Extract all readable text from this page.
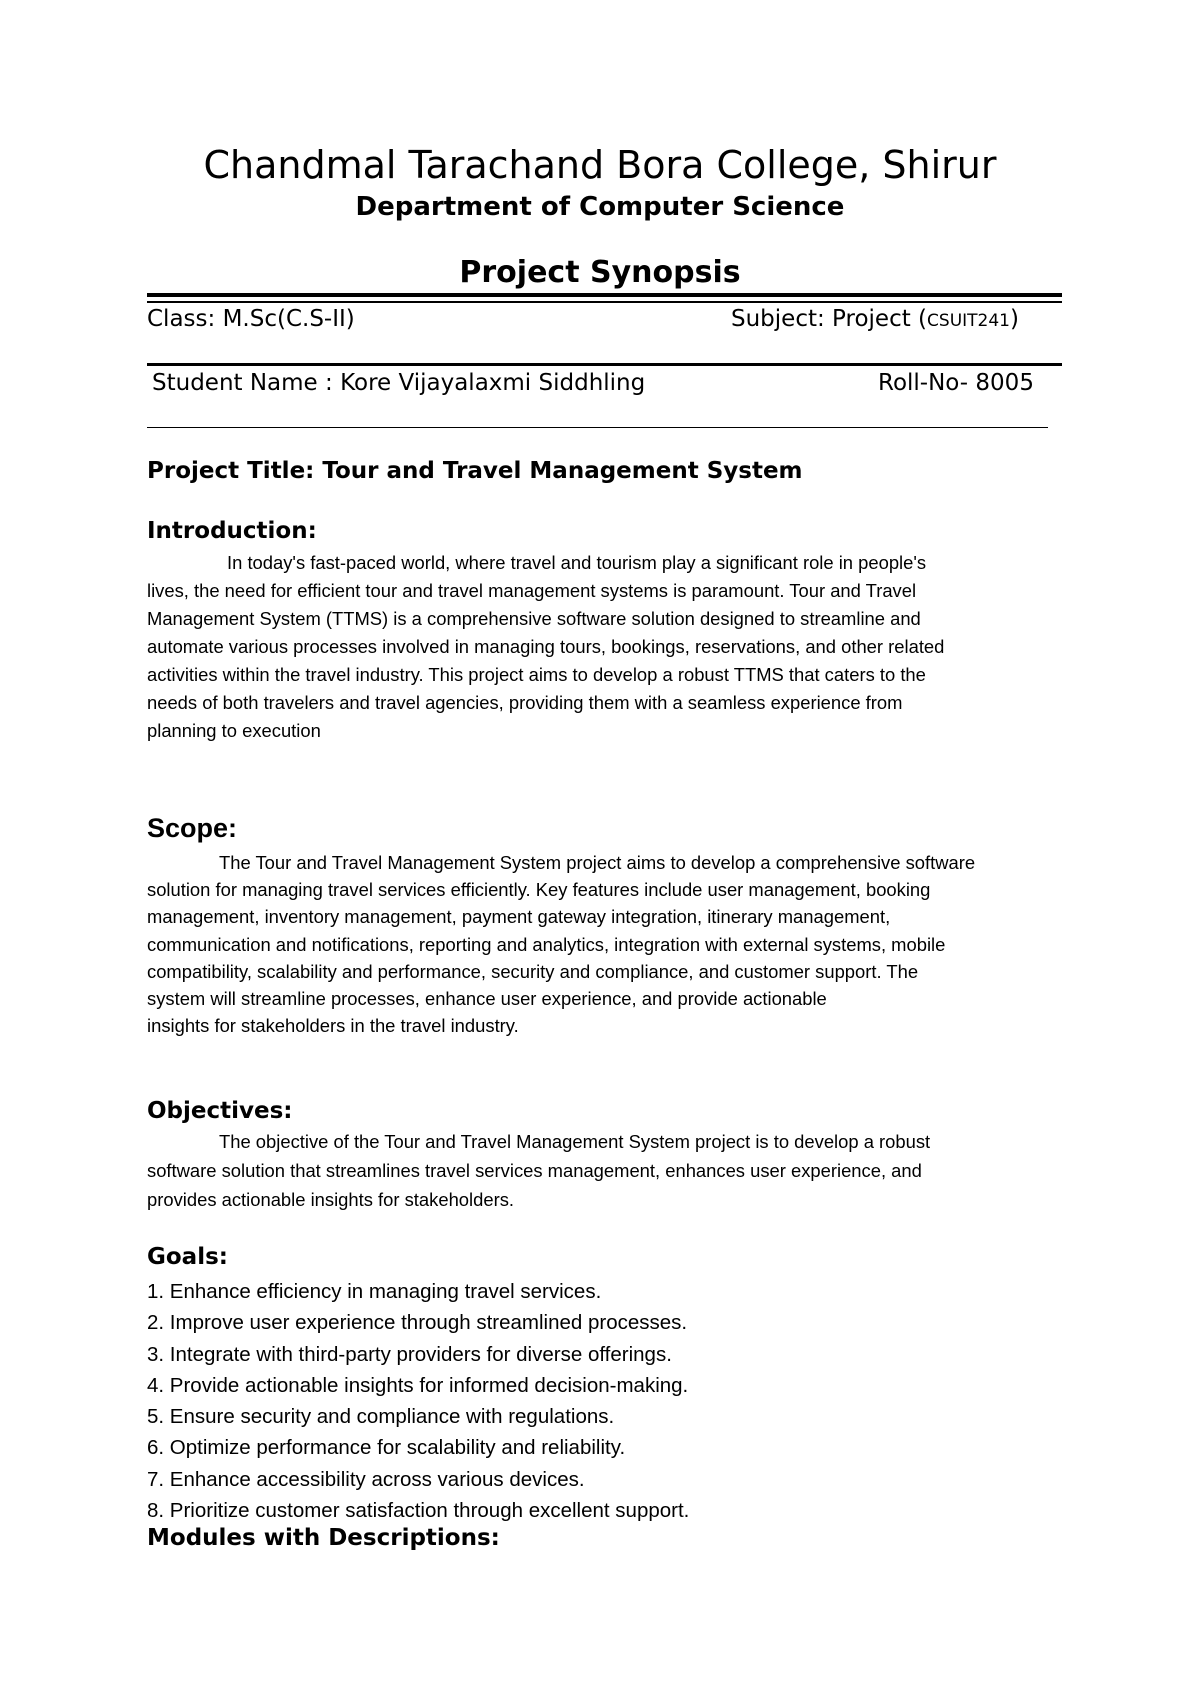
Chandmal Tarachand Bora College, Shirur
Department of Computer Science
Project Synopsis
Class: M.Sc(C.S-II)	Subject: Project (CSUIT241)
Student Name : Kore Vijayalaxmi Siddhling	Roll-No- 8005
Project Title: Tour and Travel Management System
Introduction:
In today's fast-paced world, where travel and tourism play a significant role in people's
lives, the need for efficient tour and travel management systems is paramount. Tour and Travel
Management System (TTMS) is a comprehensive software solution designed to streamline and
automate various processes involved in managing tours, bookings, reservations, and other related
activities within the travel industry. This project aims to develop a robust TTMS that caters to the
needs of both travelers and travel agencies, providing them with a seamless experience from
planning to execution
Scope:
The Tour and Travel Management System project aims to develop a comprehensive software
solution for managing travel services efficiently. Key features include user management, booking
management, inventory management, payment gateway integration, itinerary management,
communication and notifications, reporting and analytics, integration with external systems, mobile
compatibility, scalability and performance, security and compliance, and customer support. The
system will streamline processes, enhance user experience, and provide actionable
insights for stakeholders in the travel industry.
Objectives:
The objective of the Tour and Travel Management System project is to develop a robust
software solution that streamlines travel services management, enhances user experience, and
provides actionable insights for stakeholders.
Goals:
1. Enhance efficiency in managing travel services.
2. Improve user experience through streamlined processes.
3. Integrate with third-party providers for diverse offerings.
4. Provide actionable insights for informed decision-making.
5. Ensure security and compliance with regulations.
6. Optimize performance for scalability and reliability.
7. Enhance accessibility across various devices.
8. Prioritize customer satisfaction through excellent support.
Modules with Descriptions:
